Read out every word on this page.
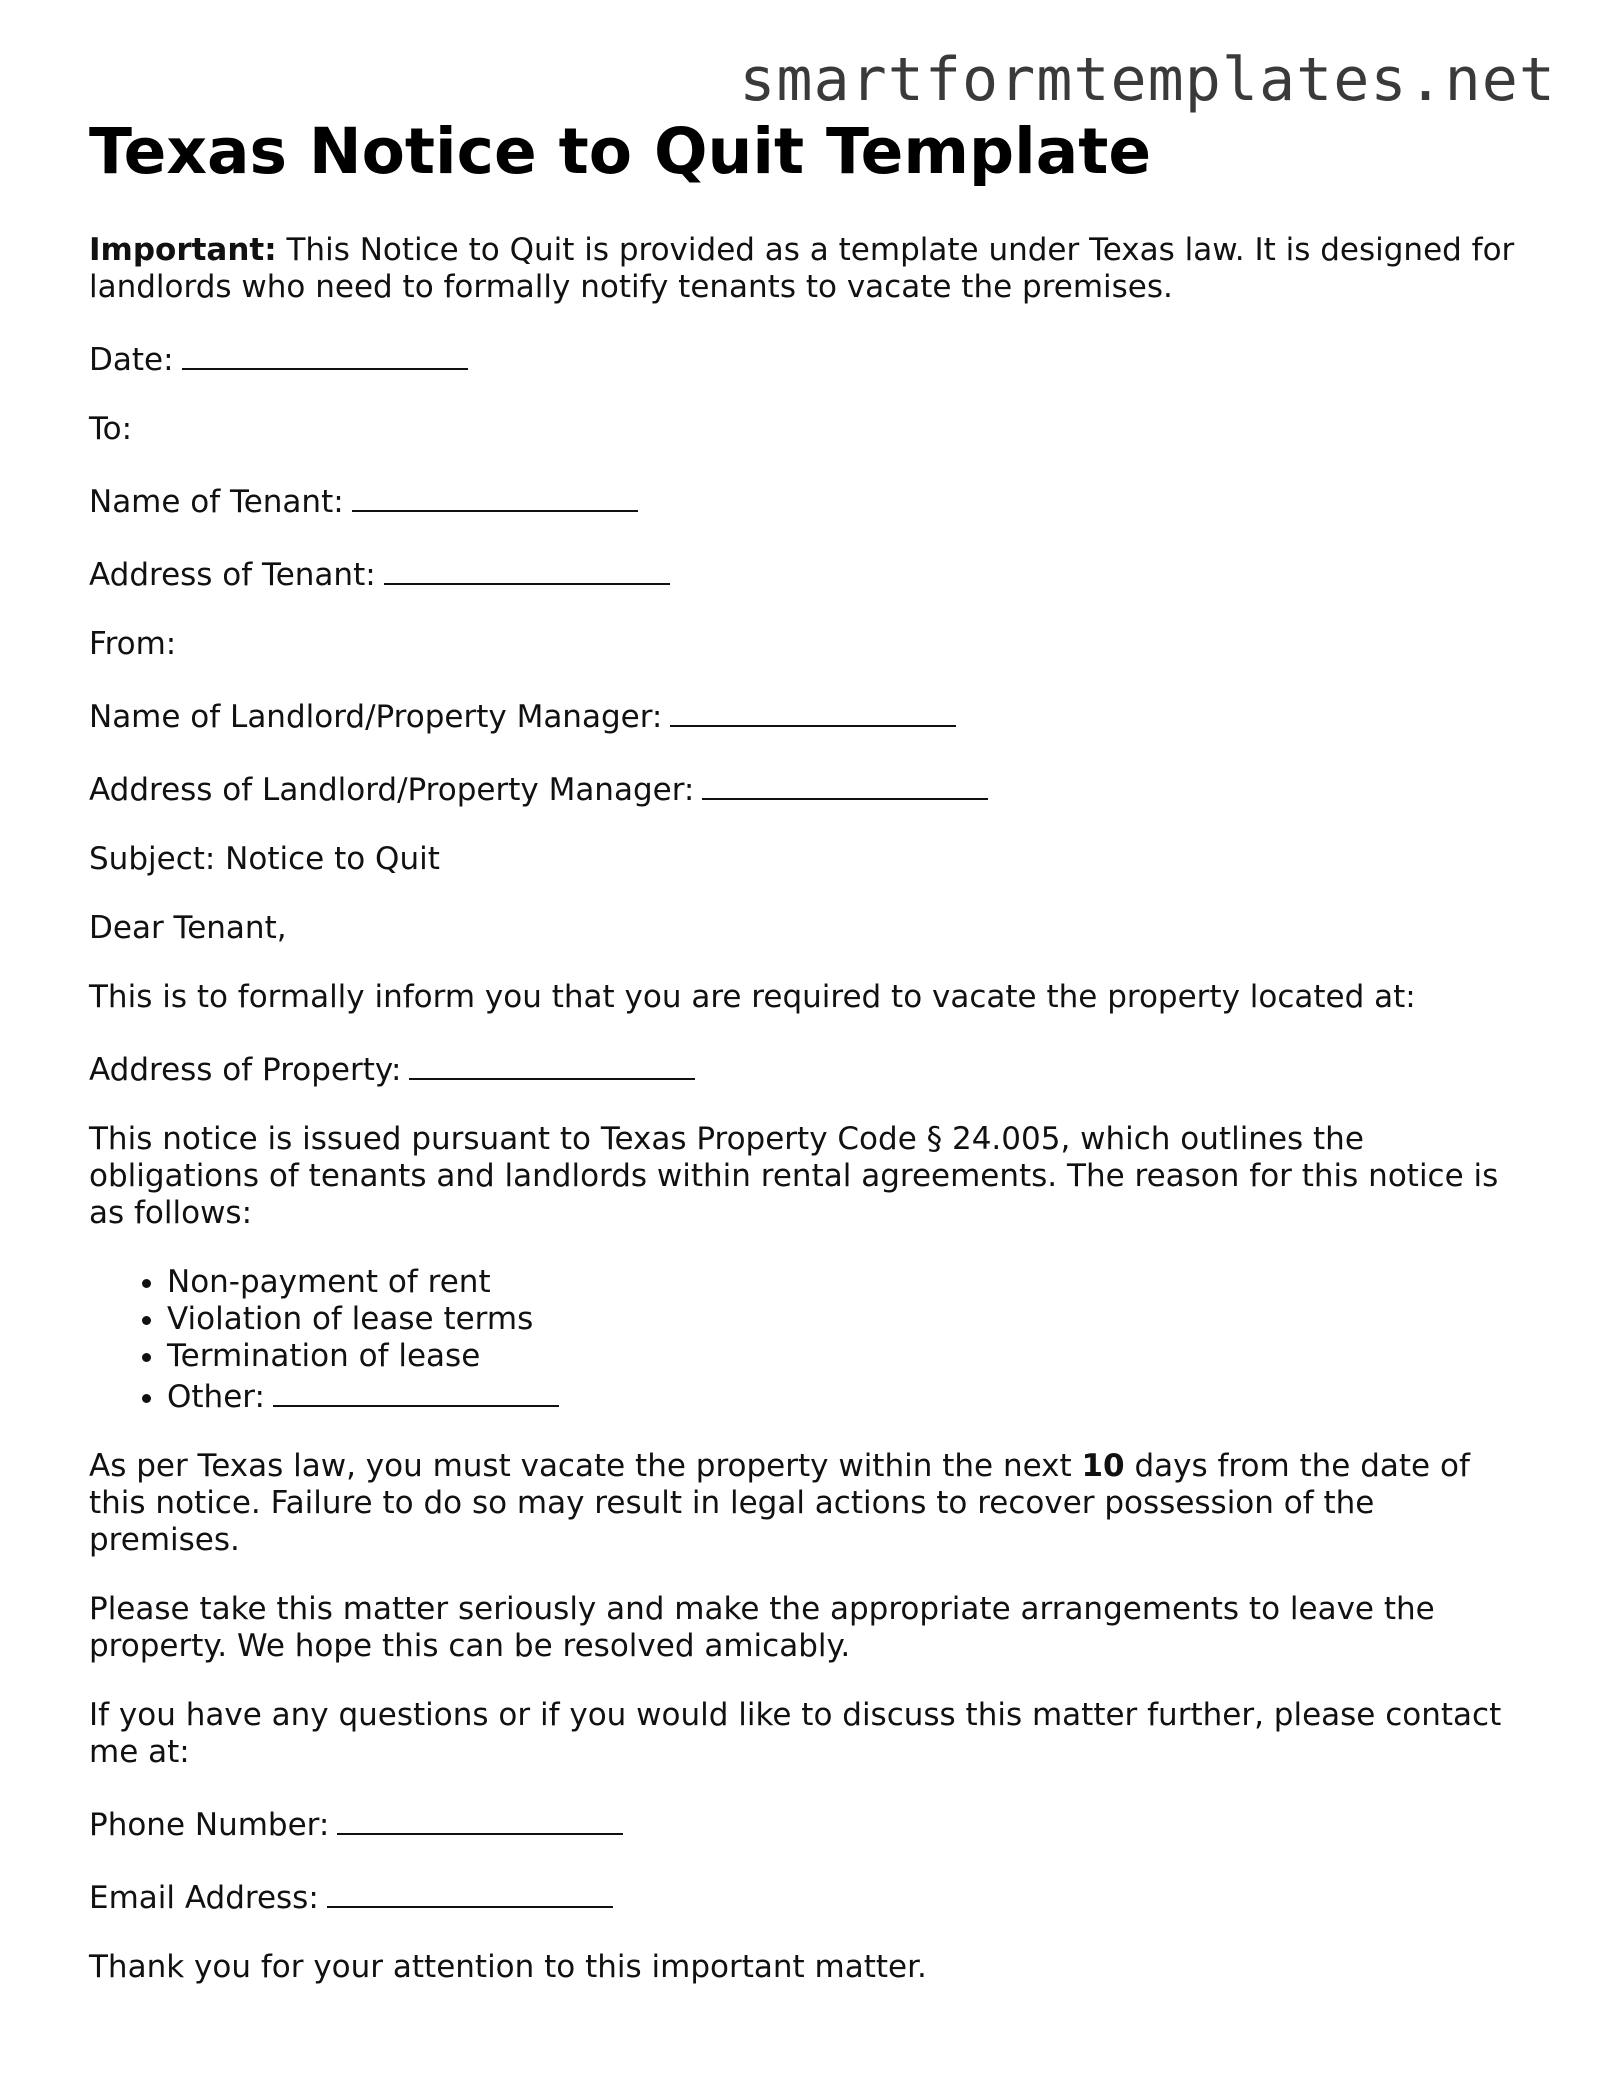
smartformtemplates.net
Texas Notice to Quit Template

Important: This Notice to Quit is provided as a template under Texas law. It is designed for landlords who need to formally notify tenants to vacate the premises.

Date:
To:
Name of Tenant:
Address of Tenant:
From:
Name of Landlord/Property Manager:
Address of Landlord/Property Manager:
Subject: Notice to Quit
Dear Tenant,

This is to formally inform you that you are required to vacate the property located at:

Address of Property:

This notice is issued pursuant to Texas Property Code § 24.005, which outlines the obligations of tenants and landlords within rental agreements. The reason for this notice is as follows:

• Non-payment of rent
• Violation of lease terms
• Termination of lease
• Other:

As per Texas law, you must vacate the property within the next 10 days from the date of this notice. Failure to do so may result in legal actions to recover possession of the premises.

Please take this matter seriously and make the appropriate arrangements to leave the property. We hope this can be resolved amicably.

If you have any questions or if you would like to discuss this matter further, please contact me at:

Phone Number:
Email Address:

Thank you for your attention to this important matter.
